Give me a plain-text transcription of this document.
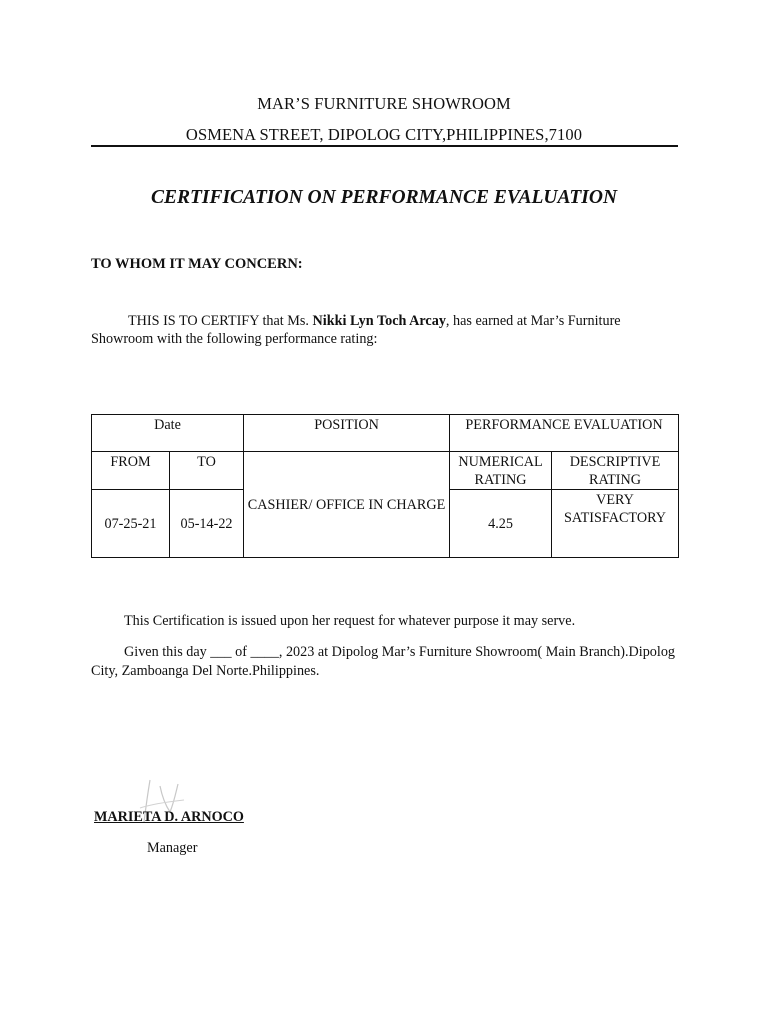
MAR’S FURNITURE SHOWROOM
OSMENA STREET, DIPOLOG CITY,PHILIPPINES,7100
CERTIFICATION ON PERFORMANCE EVALUATION
TO WHOM IT MAY CONCERN:
THIS IS TO CERTIFY that Ms. Nikki Lyn Toch Arcay, has earned at Mar’s Furniture Showroom with the following performance rating:
Date		POSITION	PERFORMANCE EVALUATION	
FROM	TO	CASHIER/ OFFICE IN CHARGE	NUMERICAL RATING	DESCRIPTIVE RATING
07-25-21	05-14-22		4.25	VERY SATISFACTORY
This Certification is issued upon her request for whatever purpose it may serve.
Given this day ___ of ____, 2023 at Dipolog Mar’s Furniture Showroom( Main Branch).Dipolog City, Zamboanga Del Norte.Philippines.
MARIETA D. ARNOCO
Manager
